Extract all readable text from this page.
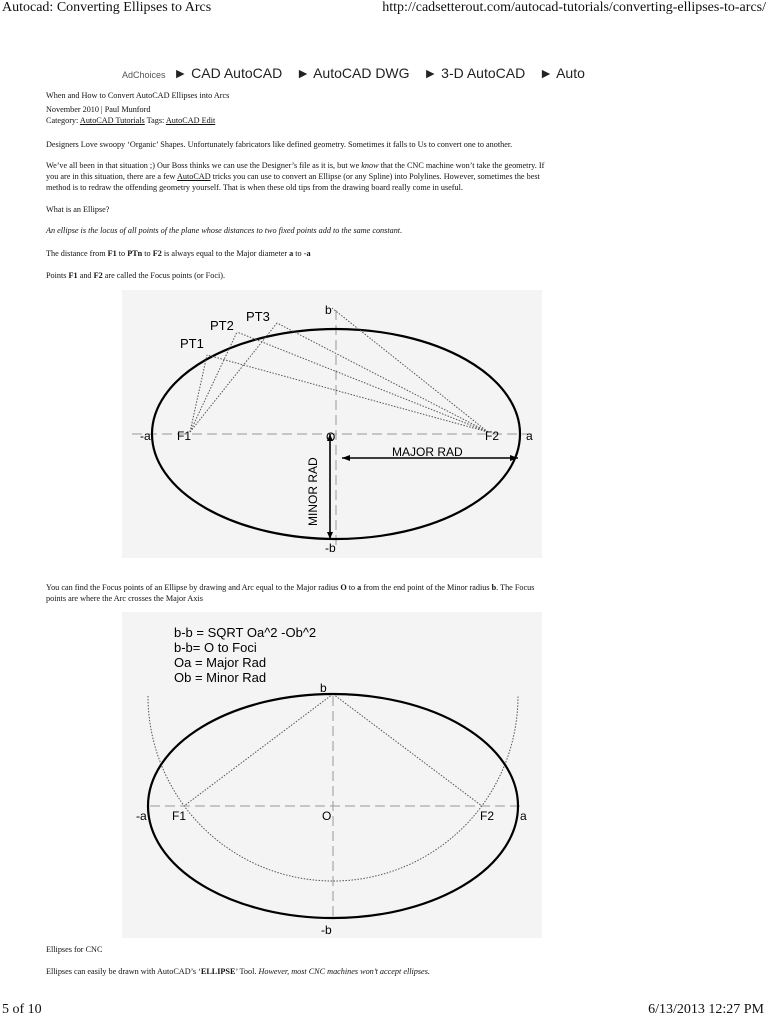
Autocad: Converting Ellipses to Arcs	http://cadsetterout.com/autocad-tutorials/converting-ellipses-to-arcs/
AdChoices ► CAD AutoCAD ► AutoCAD DWG ► 3-D AutoCAD ► Auto
When and How to Convert AutoCAD Ellipses into Arcs
November 2010 | Paul Munford
Category: AutoCAD Tutorials Tags: AutoCAD Edit
Designers Love swoopy ‘Organic’ Shapes. Unfortunately fabricators like defined geometry. Sometimes it falls to Us to convert one to another.
We’ve all been in that situation ;) Our Boss thinks we can use the Designer’s file as it is, but we know that the CNC machine won’t take the geometry. If
you are in this situation, there are a few AutoCAD tricks you can use to convert an Ellipse (or any Spline) into Polylines. However, sometimes the best
method is to redraw the offending geometry yourself. That is when these old tips from the drawing board really come in useful.
What is an Ellipse?
An ellipse is the locus of all points of the plane whose distances to two fixed points add to the same constant.
The distance from F1 to PTn to F2 is always equal to the Major diameter a to -a
Points F1 and F2 are called the Focus points (or Foci).
PT1
PT2
PT3	b
-a F1	O	F2 a
MAJOR RAD
MINOR RAD
-b
You can find the Focus points of an Ellipse by drawing and Arc equal to the Major radius O to a from the end point of the Minor radius b. The Focus
points are where the Arc crosses the Major Axis
b-b = SQRT Oa^2 -Ob^2
b-b= O to Foci
Oa = Major Rad
Ob = Minor Rad
b
-a F1	O	F2 a
-b
Ellipses for CNC
Ellipses can easily be drawn with AutoCAD’s ‘ELLIPSE’ Tool. However, most CNC machines won’t accept ellipses.
5 of 10	6/13/2013 12:27 PM
